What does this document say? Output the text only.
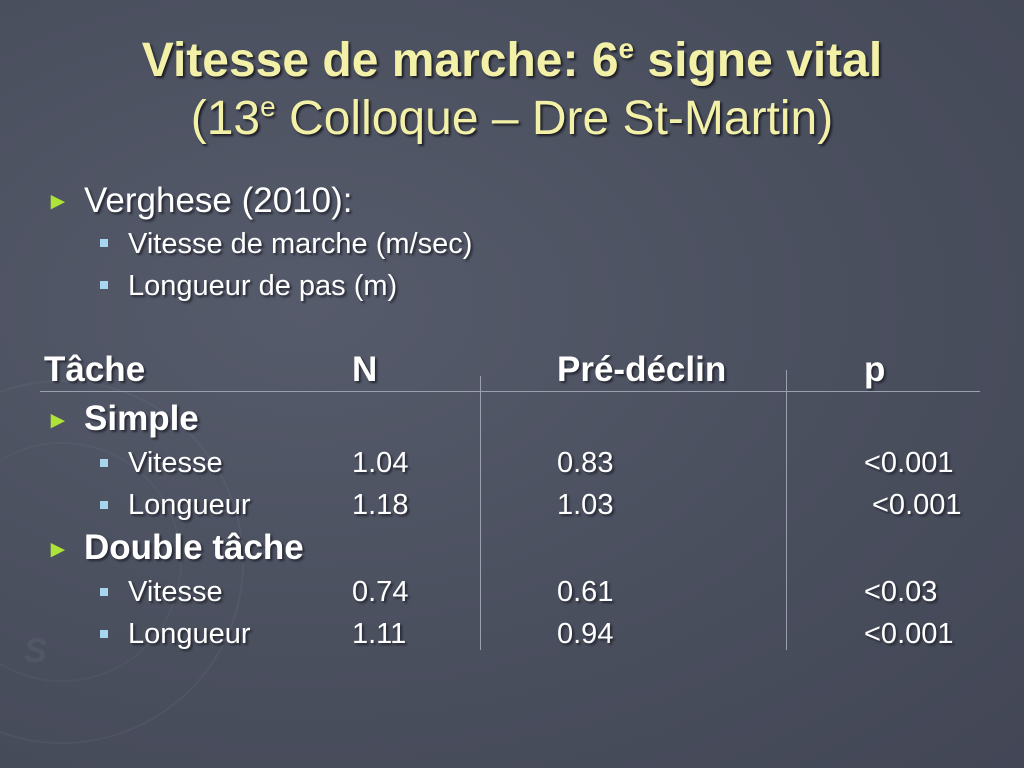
S
Vitesse de marche: 6e signe vital
(13e Colloque – Dre St-Martin)
► Verghese (2010):
Vitesse de marche (m/sec)
Longueur de pas (m)
Tâche	N	Pré-déclin	p
► Simple
Vitesse	1.04	0.83	<0.001
Longueur	1.18	1.03	<0.001
► Double tâche
Vitesse	0.74	0.61	<0.03
Longueur	1.11	0.94	<0.001
